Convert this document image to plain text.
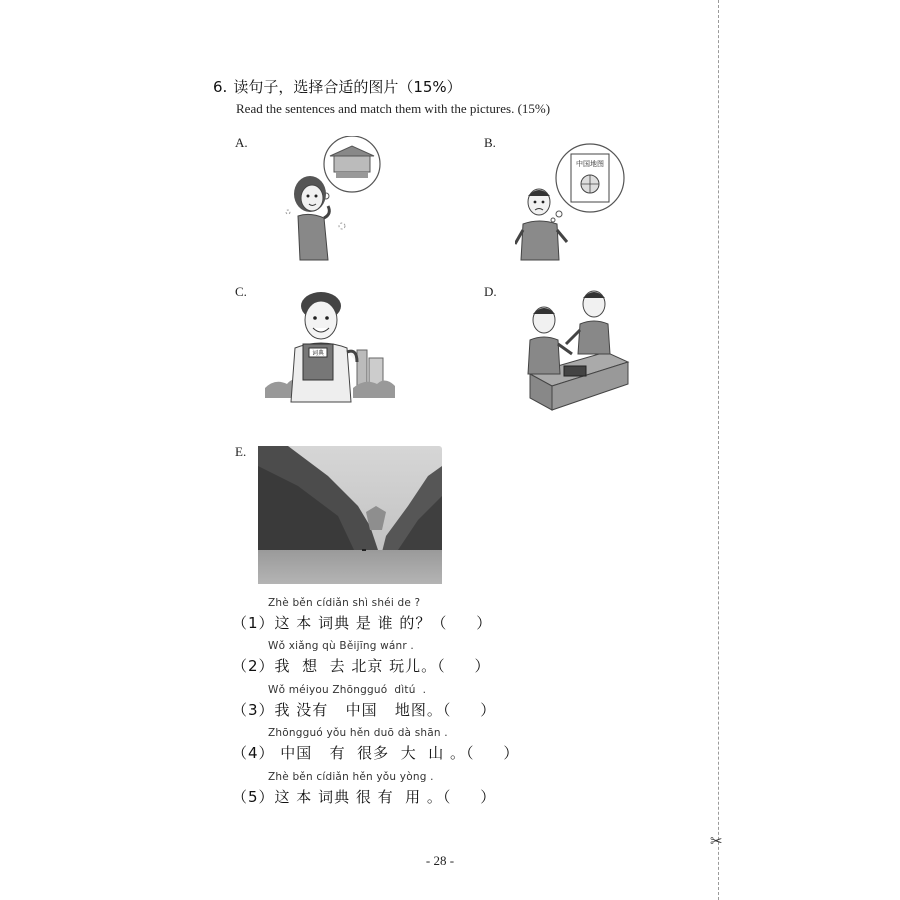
✂
6. 读句子，选择合适的图片（15%）
Read the sentences and match them with the pictures. (15%)
A.	B.
中国地图
C.
词典
D.
E.
Zhè běn cídiǎn shì shéi de ?
（1）这 本 词典 是 谁 的？（     ）
Wǒ xiǎng qù Běijīng wánr .
（2）我  想  去 北京 玩儿。（     ）
Wǒ méiyou Zhōngguó  dìtú  .
（3）我 没有   中国   地图。（     ）
Zhōngguó yǒu hěn duō dà shān .
（4） 中国   有  很多  大  山 。（     ）
Zhè běn cídiǎn hěn yǒu yòng .
（5）这 本 词典 很 有  用 。（     ）
- 28 -
